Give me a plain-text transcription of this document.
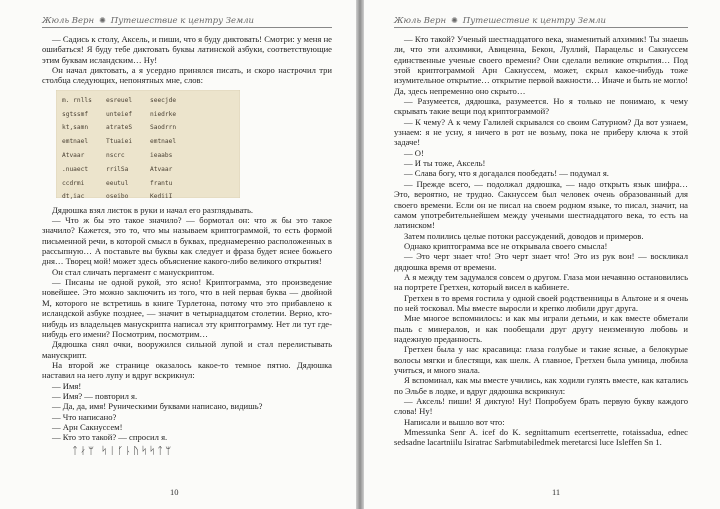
Жюль Верн ✺ Путешествие к центру Земли

— Садись к столу, Аксель, и пиши, что я буду диктовать! Смотри: у меня не ошибаться! Я буду тебе диктовать буквы латинской азбуки, соответствующие этим буквам исландским… Ну!

Он начал диктовать, а я усердно принялся писать, и скоро настрочил три столбца следующих, непонятных мне, слов:

m. rnlls	esreuel	seecjde
sgtssmf	unteief	niedrke
kt,samn	atrateS	Saodrrn
emtnael	Ttuaiei	emtnael
Atvaar	nscrc	ieaabs
.nuaect	rrilSa	Atvaar
ccdrmi	eeutul	frantu
dt,iac	oseibo	KediiI

Дядюшка взял листок в руки и начал его разглядывать.

— Что ж бы это такое значило? — бормотал он: что ж бы это такое значило? Кажется, это то, что мы называем криптограммой, то есть формой письменной речи, в которой смысл в буквах, преднамеренно расположенных в рассыпную… А поставьте вы буквы как следует и фраза будет яснее божьего дня… Творец мой! может здесь объяснение какого-либо великого открытия!

Он стал сличать пергамент с манускриптом.

— Писаны не одной рукой, это ясно! Криптограмма, это произведение новейшее. Это можно заключить из того, что в ней первая буква — двойной М, которого не встретишь в книге Турлетона, потому что это прибавлено к исландской азбуке позднее, — значит в четырнадцатом столетии. Верно, кто-нибудь из владельцев манускрипта написал эту криптограмму. Нет ли тут где-нибудь его имени? Посмотрим, посмотрим…

Дядюшка снял очки, вооружился сильной лупой и стал перелистывать манускрипт.

На второй же странице оказалось какое-то темное пятно. Дядюшка наставил на него лупу и вдруг вскрикнул:

— Имя!

— Имя? — повторил я.

— Да, да, имя! Руническими буквами написано, видишь?

— Что написано?

— Арн Сакнуссем!

— Кто это такой? — спросил я.

ᛏᛅᛘ ᛋᛁᚴᚿᚢᛋᛋᛏᛘ
10
Жюль Верн ✺ Путешествие к центру Земли

— Кто такой? Ученый шестнадцатого века, знаменитый алхимик! Ты знаешь ли, что эти алхимики, Авиценна, Бекон, Луллий, Парацельс и Сакнуссем единственные ученые своего времени? Они сделали великие открытия… Под этой криптограммой Арн Сакнуссем, может, скрыл какое-нибудь тоже изумительное открытие… открытие первой важности… Иначе и быть не могло! Да, здесь непременно оно скрыто…

— Разумеется, дядюшка, разумеется. Но я только не понимаю, к чему скрывать такие вещи под криптограммой?

— К чему? А к чему Галилей скрывался со своим Сатурном? Да вот узнаем, узнаем: я не усну, я ничего в рот не возьму, пока не приберу ключа к этой задаче!

— О!

— И ты тоже, Аксель!

— Слава богу, что я догадался пообедать! — подумал я.

— Прежде всего, — подолжал дядюшка, — надо открыть язык шифра… Это, вероятно, не трудно. Сакнуссем был человек очень образованный для своего времени. Если он не писал на своем родном языке, то писал, значит, на самом употребительнейшем между учеными шестнадцатого века, то есть на латинском!

Затем полились целые потоки рассуждений, доводов и примеров.

Однако криптограмма все не открывала своего смысла!

— Это черт знает что! Это черт знает что! Это из рук вон! — воскликал дядюшка время от времени.

А я между тем задумался совсем о другом. Глаза мои нечаянно остановились на портрете Гретхен, который висел в кабинете.

Гретхен в то время гостила у одной своей родственницы в Альтоне и я очень по ней тосковал. Мы вместе выросли и крепко любили друг друга.

Мне многое вспомнилось: и как мы играли детьми, и как вместе обметали пыль с минералов, и как пообещали друг другу неизменную любовь и надежную преданность.

Гретхен была у нас красавица: глаза голубые и такие ясные, а белокурые волосы мягки и блестящи, как шелк. А главное, Гретхен была умница, любила учиться, и много знала.

Я вспоминал, как мы вместе учились, как ходили гулять вместе, как катались по Эльбе в лодке, и вдруг дядюшка вскрикнул:

— Аксель! пиши! Я диктую! Ну! Попробуем брать первую букву каждого слова! Ну!

Написали и вышло вот что:

Mmessunka Senr A. icef do K. segnittamurn ecertserrette, rotaissadua, ednec sedsadne lacartniilu Isiratrac Sarbmutabiledmek meretarcsi luce Isleffen Sn 1.

11
